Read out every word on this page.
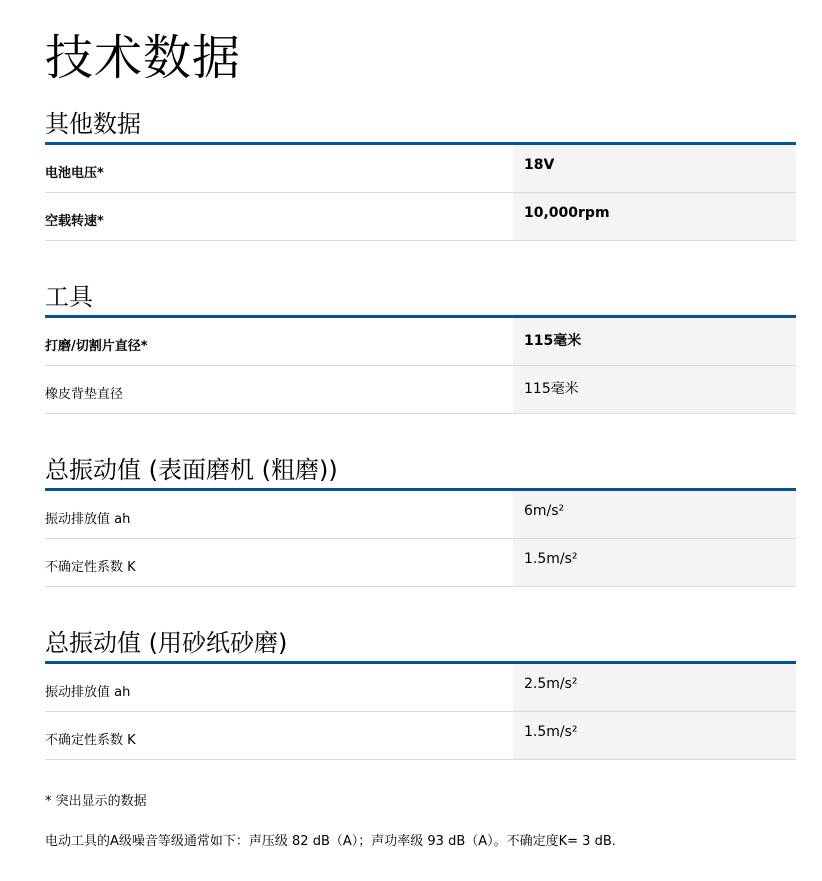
技术数据
其他数据
电池电压*
18V
空载转速*
10,000rpm
工具
打磨/切割片直径*	115毫米
橡皮背垫直径	115毫米
总振动值 (表面磨机 (粗磨))
振动排放值 ah
6m/s²
不确定性系数 K
1.5m/s²
总振动值 (用砂纸砂磨)
振动排放值 ah
2.5m/s²
不确定性系数 K
1.5m/s²
* 突出显示的数据
电动工具的A级噪音等级通常如下：声压级 82 dB（A）；声功率级 93 dB（A）。不确定度K= 3 dB.
